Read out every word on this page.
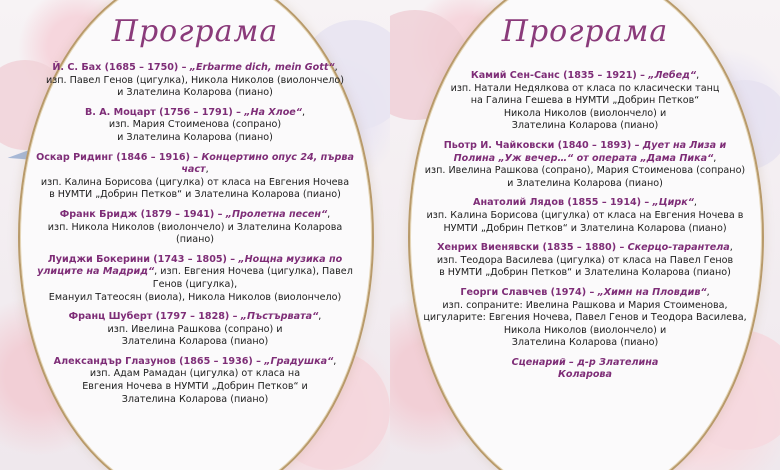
Програма
Й. С. Бах (1685 – 1750) – „Erbarme dich, mein Gott“,
изп. Павел Генов (цигулка), Никола Николов (виолончело)
и Злателина Коларова (пиано)
В. А. Моцарт (1756 – 1791) – „На Хлое“,
изп. Мария Стоименова (сопрано)
и Злателина Коларова (пиано)
Оскар Ридинг (1846 – 1916) – Концертино опус 24, първа част,
изп. Калина Борисова (цигулка) от класа на Евгения Ночева
в НУМТИ „Добрин Петков“ и Злателина Коларова (пиано)
Франк Бридж (1879 – 1941) – „Пролетна песен“,
изп. Никола Николов (виолончело) и Злателина Коларова (пиано)
Луиджи Бокерини (1743 – 1805) – „Нощна музика по улиците на Мадрид“, изп. Евгения Ночева (цигулка), Павел Генов (цигулка),
Емануил Татеосян (виола), Никола Николов (виолончело)
Франц Шуберт (1797 – 1828) – „Пъстървата“,
изп. Ивелина Рашкова (сопрано) и
Злателина Коларова (пиано)
Александър Глазунов (1865 – 1936) – „Градушка“,
изп. Адам Рамадан (цигулка) от класа на
Евгения Ночева в НУМТИ „Добрин Петков“ и
Злателина Коларова (пиано)
Програма
Камий Сен-Санс (1835 – 1921) – „Лебед“,
изп. Натали Недялкова от класа по класически танц
на Галина Гешева в НУМТИ „Добрин Петков“
Никола Николов (виолончело) и
Злателина Коларова (пиано)
Пьотр И. Чайковски (1840 – 1893) – Дует на Лиза и Полина „Уж вечер…“ от операта „Дама Пика“,
изп. Ивелина Рашкова (сопрано), Мария Стоименова (сопрано)
и Злателина Коларова (пиано)
Анатолий Лядов (1855 – 1914) – „Цирк“,
изп. Калина Борисова (цигулка) от класа на Евгения Ночева в
НУМТИ „Добрин Петков“ и Злателина Коларова (пиано)
Хенрих Виенявски (1835 – 1880) – Скерцо-тарантела,
изп. Теодора Василева (цигулка) от класа на Павел Генов
в НУМТИ „Добрин Петков“ и Злателина Коларова (пиано)
Георги Славчев (1974) – „Химн на Пловдив“,
изп. сопраните: Ивелина Рашкова и Мария Стоименова,
цигуларите: Евгения Ночева, Павел Генов и Теодора Василева,
Никола Николов (виолончело) и
Злателина Коларова (пиано)
Сценарий – д-р Злателина
Коларова
